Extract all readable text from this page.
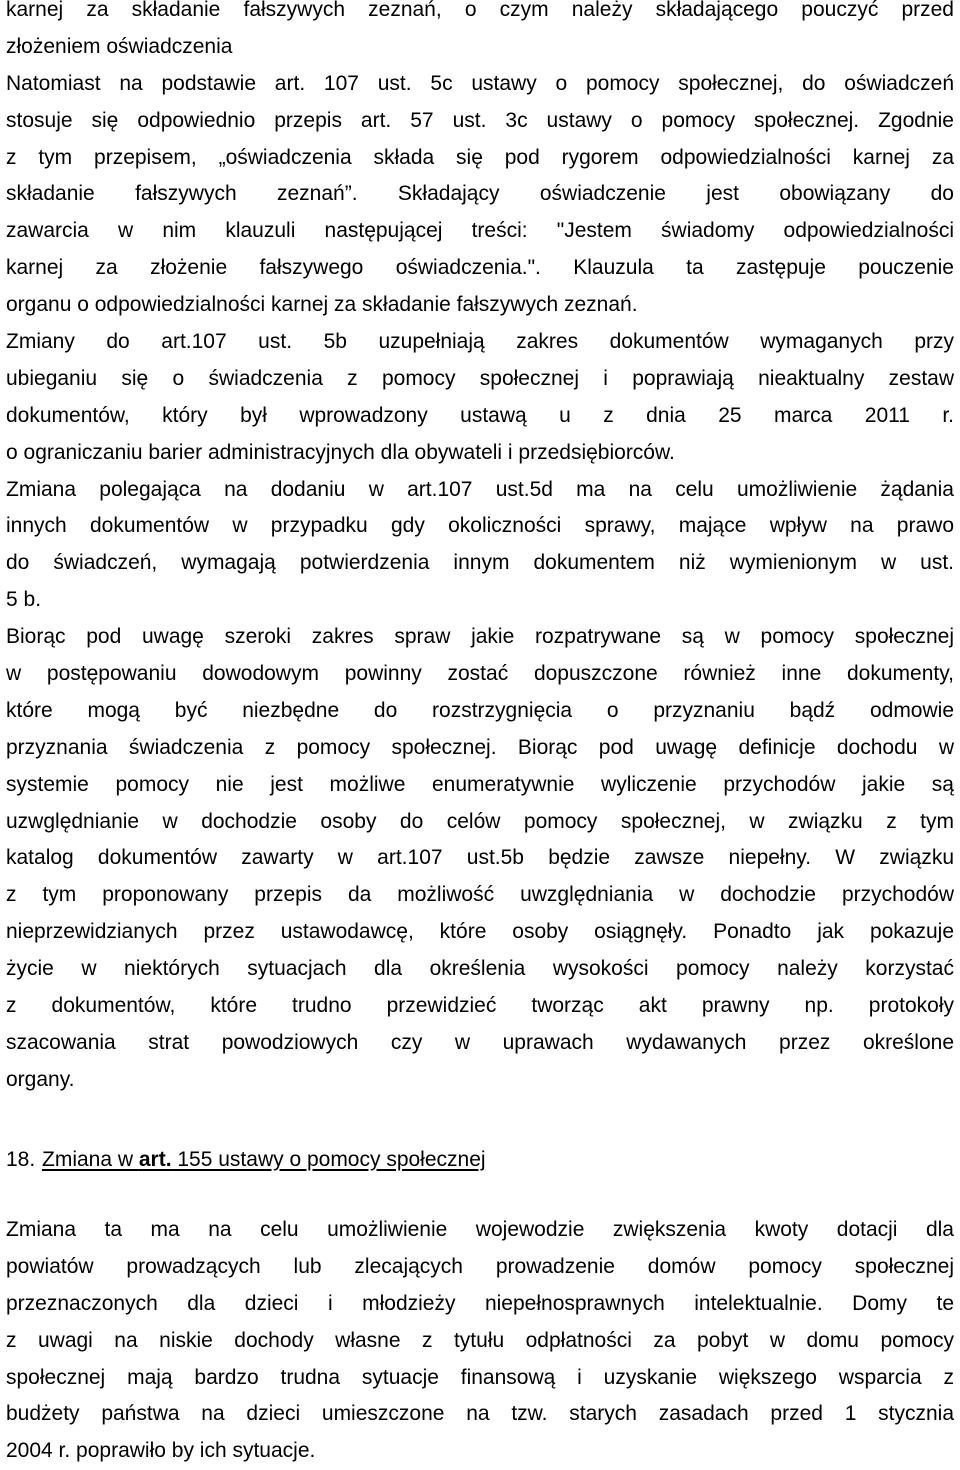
karnej za składanie fałszywych zeznań, o czym należy składającego pouczyć przed
złożeniem oświadczenia
Natomiast na podstawie art. 107 ust. 5c ustawy o pomocy społecznej, do oświadczeń
stosuje się odpowiednio przepis art. 57 ust. 3c ustawy o pomocy społecznej. Zgodnie
z tym przepisem, „oświadczenia składa się pod rygorem odpowiedzialności karnej za
składanie fałszywych zeznań”. Składający oświadczenie jest obowiązany do
zawarcia w nim klauzuli następującej treści: "Jestem świadomy odpowiedzialności
karnej za złożenie fałszywego oświadczenia.". Klauzula ta zastępuje pouczenie
organu o odpowiedzialności karnej za składanie fałszywych zeznań.
Zmiany do art.107 ust. 5b uzupełniają zakres dokumentów wymaganych przy
ubieganiu się o świadczenia z pomocy społecznej i poprawiają nieaktualny zestaw
dokumentów, który był wprowadzony ustawą u z dnia 25 marca 2011 r.
o ograniczaniu barier administracyjnych dla obywateli i przedsiębiorców.
Zmiana polegająca na dodaniu w art.107 ust.5d ma na celu umożliwienie żądania
innych dokumentów w przypadku gdy okoliczności sprawy, mające wpływ na prawo
do świadczeń, wymagają potwierdzenia innym dokumentem niż wymienionym w ust.
5 b.
Biorąc pod uwagę szeroki zakres spraw jakie rozpatrywane są w pomocy społecznej
w postępowaniu dowodowym powinny zostać dopuszczone również inne dokumenty,
które mogą być niezbędne do rozstrzygnięcia o przyznaniu bądź odmowie
przyznania świadczenia z pomocy społecznej. Biorąc pod uwagę definicje dochodu w
systemie pomocy nie jest możliwe enumeratywnie wyliczenie przychodów jakie są
uzwględnianie w dochodzie osoby do celów pomocy społecznej, w związku z tym
katalog dokumentów zawarty w art.107 ust.5b będzie zawsze niepełny. W związku
z tym proponowany przepis da możliwość uwzględniania w dochodzie przychodów
nieprzewidzianych przez ustawodawcę, które osoby osiągnęły. Ponadto jak pokazuje
życie w niektórych sytuacjach dla określenia wysokości pomocy należy korzystać
z dokumentów, które trudno przewidzieć tworząc akt prawny np. protokoły
szacowania strat powodziowych czy w uprawach wydawanych przez określone
organy.
18. Zmiana w art. 155 ustawy o pomocy społecznej
Zmiana ta ma na celu umożliwienie wojewodzie zwiększenia kwoty dotacji dla
powiatów prowadzących lub zlecających prowadzenie domów pomocy społecznej
przeznaczonych dla dzieci i młodzieży niepełnosprawnych intelektualnie. Domy te
z uwagi na niskie dochody własne z tytułu odpłatności za pobyt w domu pomocy
społecznej mają bardzo trudna sytuacje finansową i uzyskanie większego wsparcia z
budżety państwa na dzieci umieszczone na tzw. starych zasadach przed 1 stycznia
2004 r. poprawiło by ich sytuacje.
